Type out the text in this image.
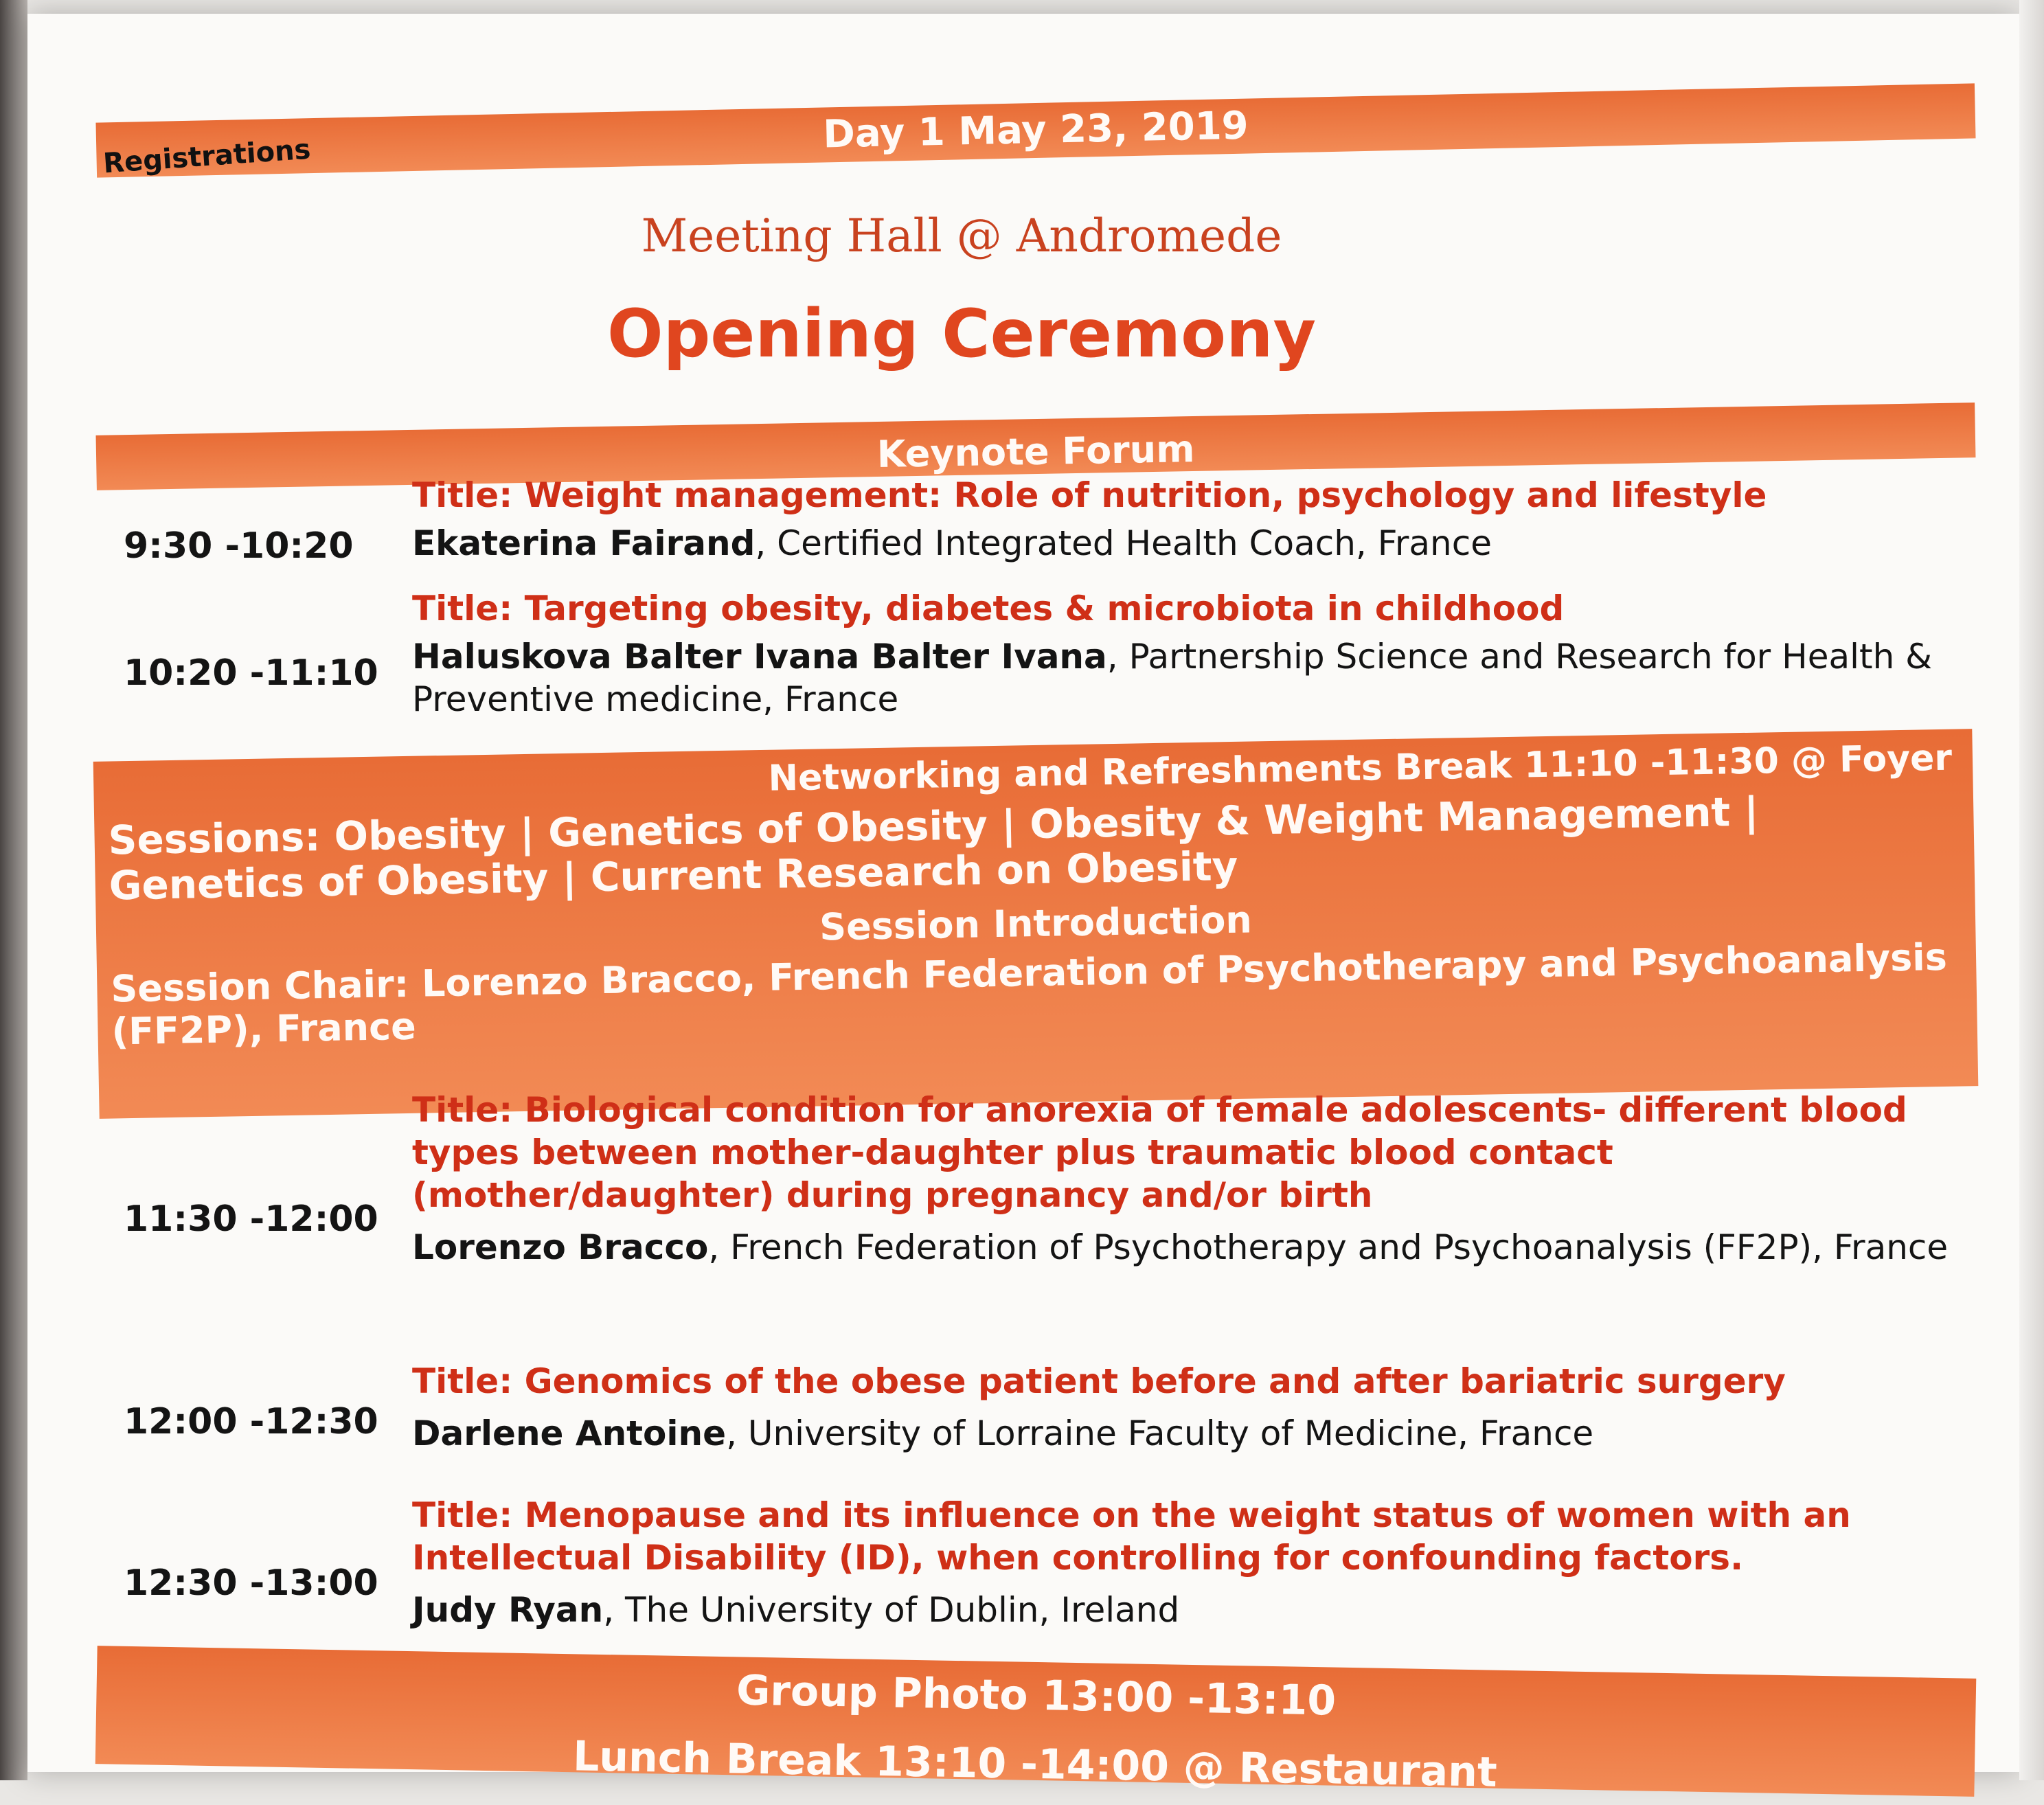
Day 1 May 23, 2019
Registrations
Meeting Hall @ Andromede
Opening Ceremony
Keynote Forum
9:30 -10:20
Title: Weight management: Role of nutrition, psychology and lifestyle
Ekaterina Fairand, Certified Integrated Health Coach, France
10:20 -11:10
Title: Targeting obesity, diabetes & microbiota in childhood
Haluskova Balter Ivana Balter Ivana, Partnership Science and Research for Health & Preventive medicine, France
Networking and Refreshments Break 11:10 -11:30 @ Foyer
Sessions: Obesity | Genetics of Obesity | Obesity & Weight Management | Genetics of Obesity | Current Research on Obesity
Session Introduction
Session Chair: Lorenzo Bracco, French Federation of Psychotherapy and Psychoanalysis (FF2P), France
11:30 -12:00
Title: Biological condition for anorexia of female adolescents- different blood types between mother-daughter plus traumatic blood contact (mother/daughter) during pregnancy and/or birth
Lorenzo Bracco, French Federation of Psychotherapy and Psychoanalysis (FF2P), France
12:00 -12:30
Title: Genomics of the obese patient before and after bariatric surgery
Darlene Antoine, University of Lorraine Faculty of Medicine, France
12:30 -13:00
Title: Menopause and its influence on the weight status of women with an Intellectual Disability (ID), when controlling for confounding factors.
Judy Ryan, The University of Dublin, Ireland
Group Photo 13:00 -13:10
Lunch Break 13:10 -14:00 @ Restaurant
